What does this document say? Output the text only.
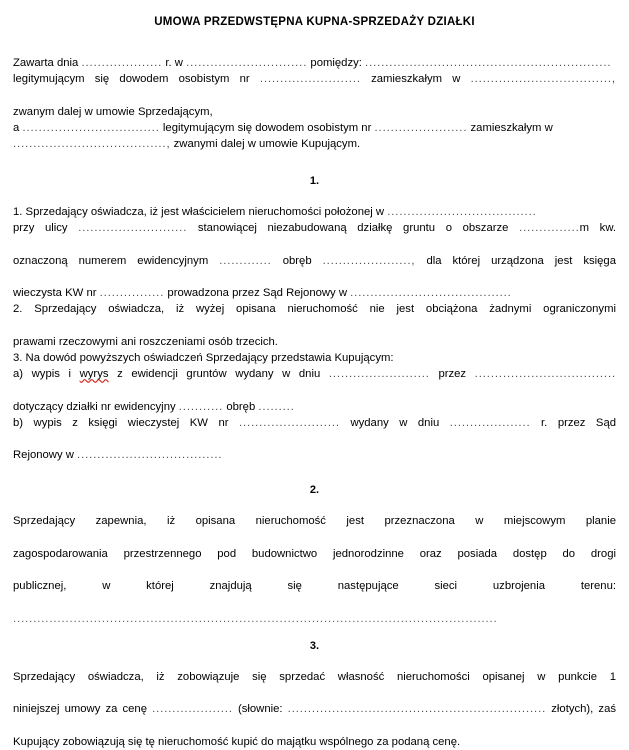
UMOWA PRZEDWSTĘPNA KUPNA-SPRZEDAŻY DZIAŁKI

Zawarta dnia .................... r. w .............................. pomiędzy: .............................................................

legitymującym się dowodem osobistym nr ......................... zamieszkałym w ...................................,

zwanym dalej w umowie Sprzedającym,

a .................................. legitymującym się dowodem osobistym nr ....................... zamieszkałym w

......................................, zwanymi dalej w umowie Kupującym.

1.

1. Sprzedający oświadcza, iż jest właścicielem nieruchomości położonej w .....................................

przy ulicy ........................... stanowiącej niezabudowaną działkę gruntu o obszarze ...............m kw.

oznaczoną numerem ewidencyjnym ............. obręb ......................, dla której urządzona jest księga

wieczysta KW nr ................ prowadzona przez Sąd Rejonowy w ........................................

2. Sprzedający oświadcza, iż wyżej opisana nieruchomość nie jest obciążona żadnymi ograniczonymi

prawami rzeczowymi ani roszczeniami osób trzecich.

3. Na dowód powyższych oświadczeń Sprzedający przedstawia Kupującym:

a) wypis i wyrys z ewidencji gruntów wydany w dniu ......................... przez ...................................

dotyczący działki nr ewidencyjny ........... obręb .........

b) wypis z księgi wieczystej KW nr ......................... wydany w dniu .................... r. przez Sąd

Rejonowy w ....................................

2.

Sprzedający zapewnia, iż opisana nieruchomość jest przeznaczona w miejscowym planie

zagospodarowania przestrzennego pod budownictwo jednorodzinne oraz posiada dostęp do drogi

publicznej, w której znajdują się następujące sieci uzbrojenia terenu:

........................................................................................................................
3.

Sprzedający oświadcza, iż zobowiązuje się sprzedać własność nieruchomości opisanej w punkcie 1

niniejszej umowy za cenę .................... (słownie: ................................................................ złotych), zaś

Kupujący zobowiązują się tę nieruchomość kupić do majątku wspólnego za podaną cenę.
